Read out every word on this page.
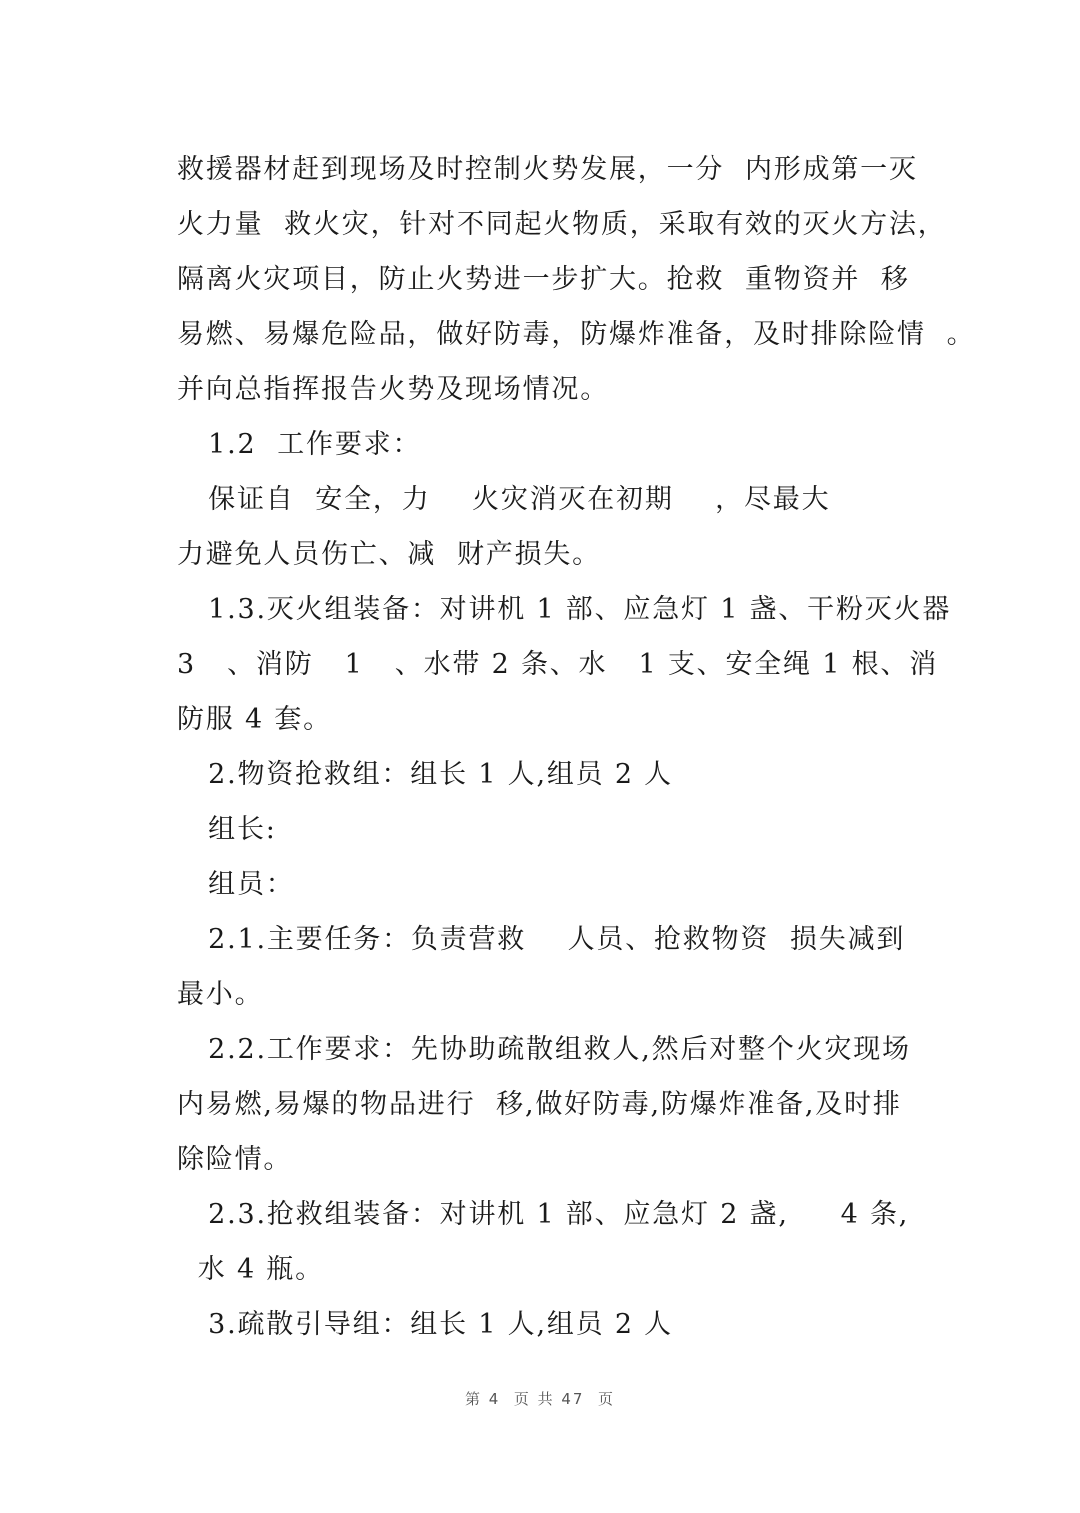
救援器材赶到现场及时控制火势发展，一分  内形成第一灭
火力量  救火灾，针对不同起火物质，采取有效的灭火方法，
隔离火灾项目，防止火势进一步扩大。抢救  重物资并  移
易燃、易爆危险品，做好防毒，防爆炸准备，及时排除险情  。
并向总指挥报告火势及现场情况。
1.2  工作要求：
保证自  安全，力    火灾消灭在初期    ，尽最大
力避免人员伤亡、减  财产损失。
1.3.灭火组装备：对讲机 1 部、应急灯 1 盏、干粉灭火器
3   、消防   1   、水带 2 条、水   1 支、安全绳 1 根、消
防服 4 套。
2.物资抢救组：组长 1 人,组员 2 人
组长:
组员：
2.1.主要任务：负责营救    人员、抢救物资  损失减到
最小。
2.2.工作要求：先协助疏散组救人,然后对整个火灾现场
内易燃,易爆的物品进行  移,做好防毒,防爆炸准备,及时排
除险情。
2.3.抢救组装备：对讲机 1 部、应急灯 2 盏,     4 条,
水 4 瓶。
3.疏散引导组：组长 1 人,组员 2 人
第 4  页 共 47  页
